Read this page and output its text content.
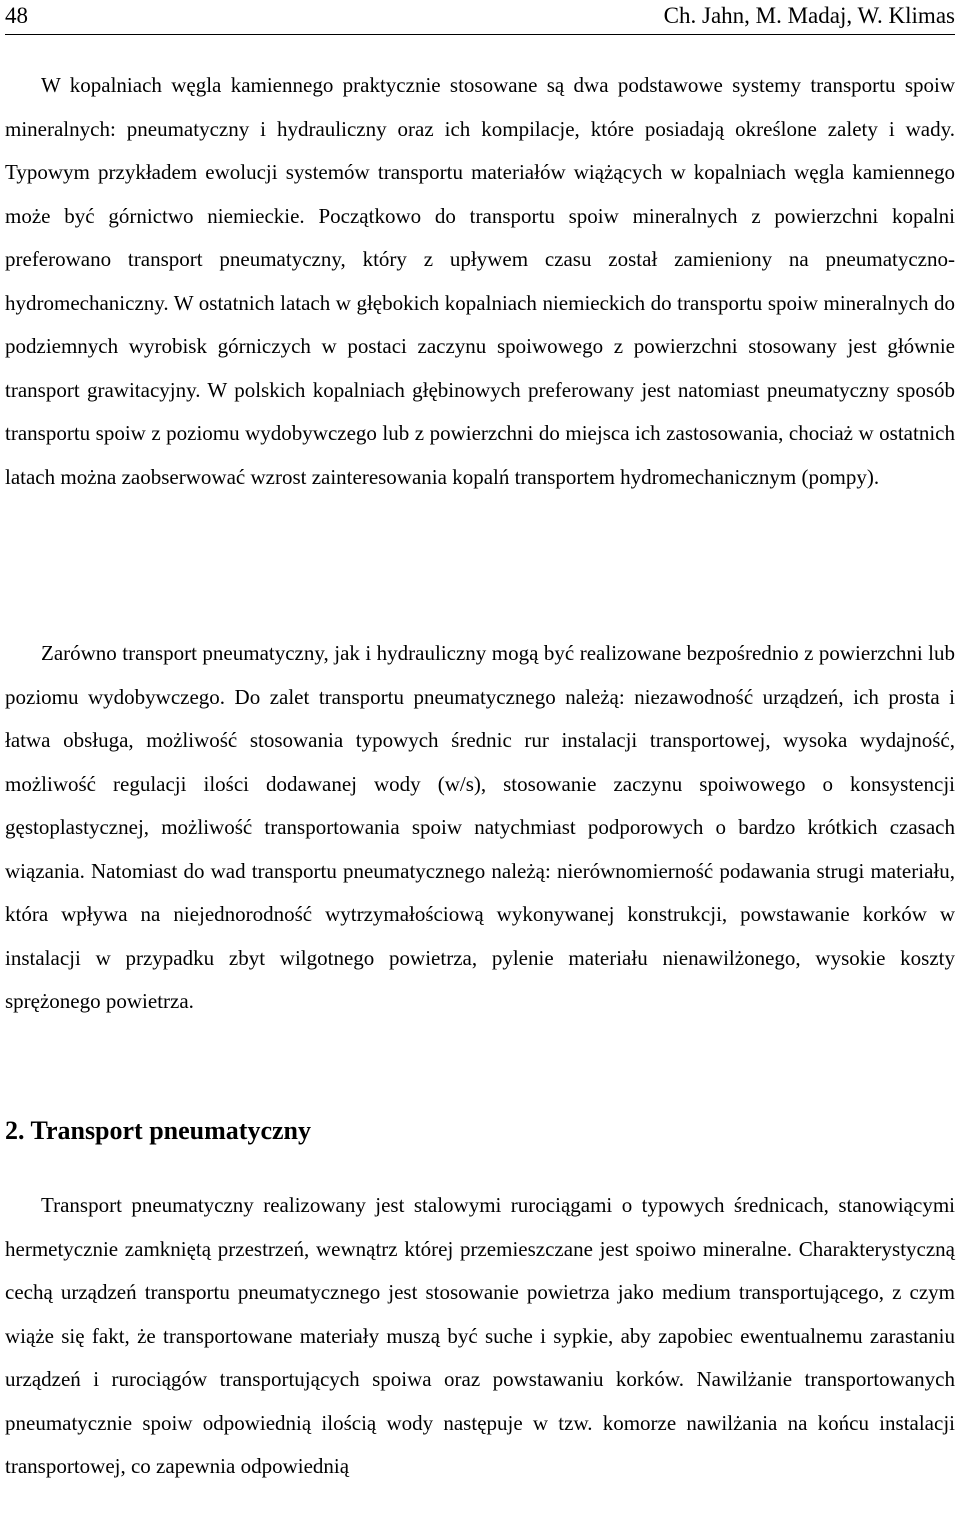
48	Ch. Jahn, M. Madaj, W. Klimas

W kopalniach węgla kamiennego praktycznie stosowane są dwa podstawowe systemy transportu spoiw mineralnych: pneumatyczny i hydrauliczny oraz ich kompilacje, które posiadają określone zalety i wady. Typowym przykładem ewolucji systemów transportu materiałów wiążących w kopalniach węgla kamiennego może być górnictwo niemieckie. Początkowo do transportu spoiw mineralnych z powierzchni kopalni preferowano transport pneumatyczny, który z upływem czasu został zamieniony na pneumatyczno-hydromechaniczny. W ostatnich latach w głębokich kopalniach niemieckich do transportu spoiw mineralnych do podziemnych wyrobisk górniczych w postaci zaczynu spoiwowego z powierzchni stosowany jest głównie transport grawitacyjny. W polskich kopalniach głębinowych preferowany jest natomiast pneumatyczny sposób transportu spoiw z poziomu wydobywczego lub z powierzchni do miejsca ich zastosowania, chociaż w ostatnich latach można zaobserwować wzrost zainteresowania kopalń transportem hydromechanicznym (pompy).

Zarówno transport pneumatyczny, jak i hydrauliczny mogą być realizowane bezpośrednio z powierzchni lub poziomu wydobywczego. Do zalet transportu pneumatycznego należą: niezawodność urządzeń, ich prosta i łatwa obsługa, możliwość stosowania typowych średnic rur instalacji transportowej, wysoka wydajność, możliwość regulacji ilości dodawanej wody (w/s), stosowanie zaczynu spoiwowego o konsystencji gęstoplastycznej, możliwość transportowania spoiw natychmiast podporowych o bardzo krótkich czasach wiązania. Natomiast do wad transportu pneumatycznego należą: nierównomierność podawania strugi materiału, która wpływa na niejednorodność wytrzymałościową wykonywanej konstrukcji, powstawanie korków w instalacji w przypadku zbyt wilgotnego powietrza, pylenie materiału nienawilżonego, wysokie koszty sprężonego powietrza.

2. Transport pneumatyczny

Transport pneumatyczny realizowany jest stalowymi rurociągami o typowych średnicach, stanowiącymi hermetycznie zamkniętą przestrzeń, wewnątrz której przemieszczane jest spoiwo mineralne. Charakterystyczną cechą urządzeń transportu pneumatycznego jest stosowanie powietrza jako medium transportującego, z czym wiąże się fakt, że transportowane materiały muszą być suche i sypkie, aby zapobiec ewentualnemu zarastaniu urządzeń i rurociągów transportujących spoiwa oraz powstawaniu korków. Nawilżanie transportowanych pneumatycznie spoiw odpowiednią ilością wody następuje w tzw. komorze nawilżania na końcu instalacji transportowej, co zapewnia odpowiednią
